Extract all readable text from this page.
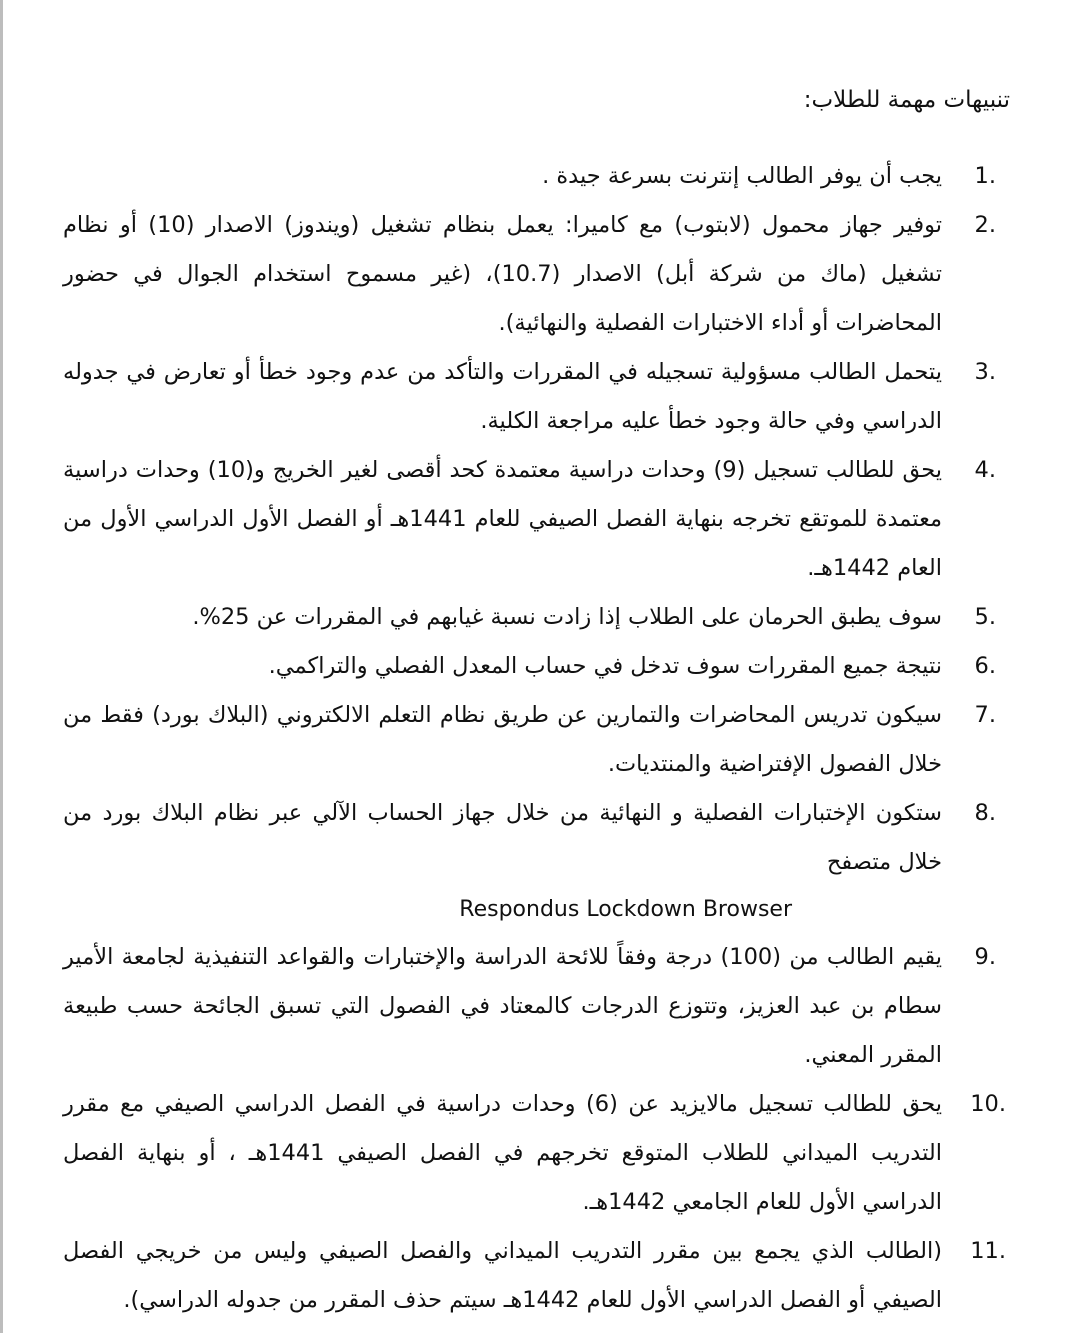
تنبيهات مهمة للطلاب:
1.
يجب أن يوفر الطالب إنترنت بسرعة جيدة .
2.
توفير جهاز محمول (لابتوب) مع كاميرا: يعمل بنظام تشغيل (ويندوز) الاصدار (10) أو نظام تشغيل (ماك من شركة أبل) الاصدار (10.7)، (غير مسموح استخدام الجوال في حضور المحاضرات أو أداء الاختبارات الفصلية والنهائية).
3.
يتحمل الطالب مسؤولية تسجيله في المقررات والتأكد من عدم وجود خطأ أو تعارض في جدوله الدراسي وفي حالة وجود خطأ عليه مراجعة الكلية.
4.
يحق للطالب تسجيل (9) وحدات دراسية معتمدة كحد أقصى لغير الخريج و(10) وحدات دراسية معتمدة للموتقع تخرجه بنهاية الفصل الصيفي للعام 1441هـ أو الفصل الأول الدراسي الأول من العام 1442هـ.
5.
سوف يطبق الحرمان على الطلاب إذا زادت نسبة غيابهم في المقررات عن 25%.
6.
نتيجة جميع المقررات سوف تدخل في حساب المعدل الفصلي والتراكمي.
7.
سيكون تدريس المحاضرات والتمارين عن طريق نظام التعلم الالكتروني (البلاك بورد) فقط من خلال الفصول الإفتراضية والمنتديات.
8.
ستكون الإختبارات الفصلية و النهائية من خلال جهاز الحساب الآلي عبر نظام البلاك بورد من خلال متصفح
Respondus Lockdown Browser
9.
يقيم الطالب من (100) درجة وفقاً للائحة الدراسة والإختبارات والقواعد التنفيذية لجامعة الأمير سطام بن عبد العزيز، وتتوزع الدرجات كالمعتاد في الفصول التي تسبق الجائحة حسب طبيعة المقرر المعني.
10.
يحق للطالب تسجيل مالايزيد عن (6) وحدات دراسية في الفصل الدراسي الصيفي مع مقرر التدريب الميداني للطلاب المتوقع تخرجهم في الفصل الصيفي 1441هـ ، أو بنهاية الفصل الدراسي الأول للعام الجامعي 1442هـ.
11.
(الطالب الذي يجمع بين مقرر التدريب الميداني والفصل الصيفي وليس من خريجي الفصل الصيفي أو الفصل الدراسي الأول للعام 1442هـ سيتم حذف المقرر من جدوله الدراسي).
